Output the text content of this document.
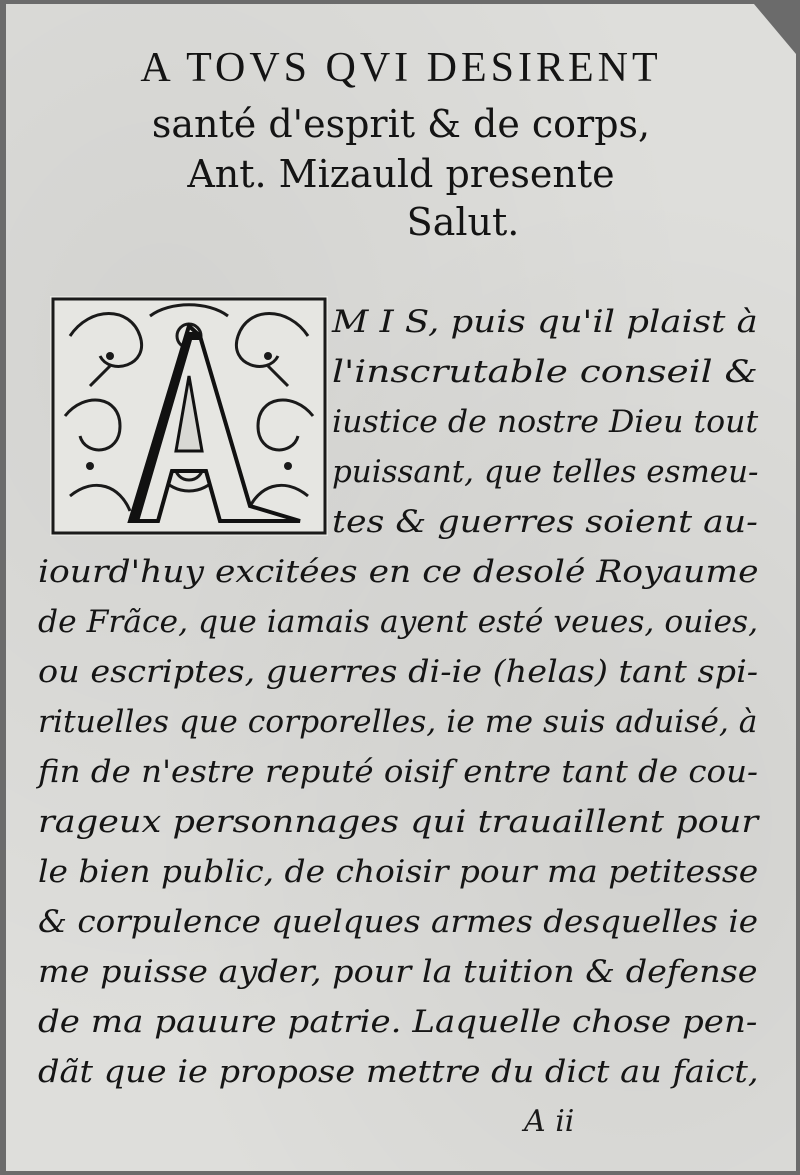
A TOVS QVI DESIRENT
santé d'esprit & de corps,
Ant. Mizauld presente
Salut.
M I S, puis qu'il plaist à
l'inscrutable conseil &
iustice de nostre Dieu tout
puissant, que telles esmeu-
tes & guerres soient au-
iourd'huy excitées en ce desolé Royaume
de Frãce, que iamais ayent esté veues, ouies,
ou escriptes, guerres di-ie (helas) tant spi-
rituelles que corporelles, ie me suis aduisé, à
fin de n'estre reputé oisif entre tant de cou-
rageux personnages qui trauaillent pour
le bien public, de choisir pour ma petitesse
& corpulence quelques armes desquelles ie
me puisse ayder, pour la tuition & defense
de ma pauure patrie. Laquelle chose pen-
dãt que ie propose mettre du dict au faict,
A ii
